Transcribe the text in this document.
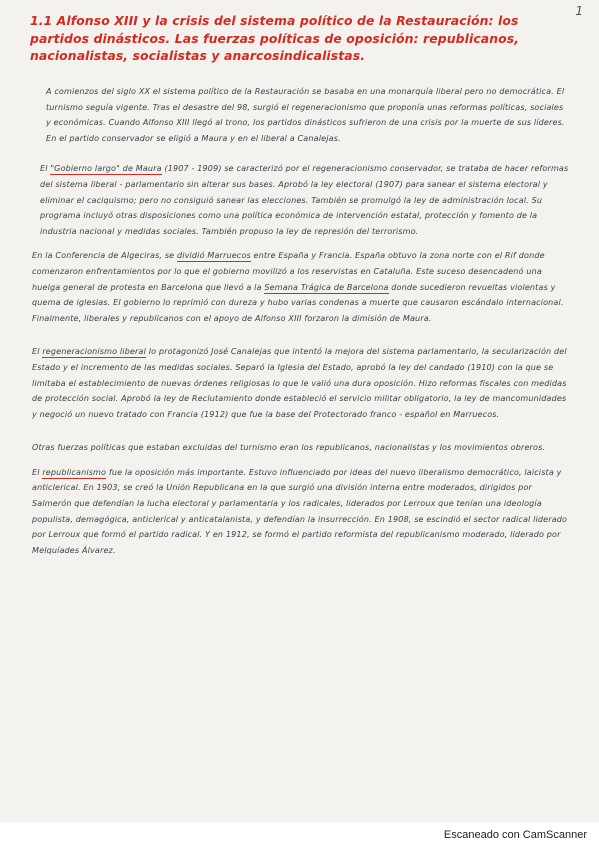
1
1.1 Alfonso XIII y la crisis del sistema político de la Restauración: los partidos dinásticos. Las fuerzas políticas de oposición: republicanos, nacionalistas, socialistas y anarcosindicalistas.

A comienzos del siglo XX el sistema político de la Restauración se basaba en una monarquía liberal pero no democrática. El turnismo seguía vigente. Tras el desastre del 98, surgió el regeneracionismo que proponía unas reformas políticas, sociales y económicas. Cuando Alfonso XIII llegó al trono, los partidos dinásticos sufrieron de una crisis por la muerte de sus líderes. En el partido conservador se eligió a Maura y en el liberal a Canalejas.

El "Gobierno largo" de Maura (1907 - 1909) se caracterizó por el regeneracionismo conservador, se trataba de hacer reformas del sistema liberal - parlamentario sin alterar sus bases. Aprobó la ley electoral (1907) para sanear el sistema electoral y eliminar el caciquismo; pero no consiguió sanear las elecciones. También se promulgó la ley de administración local. Su programa incluyó otras disposiciones como una política económica de intervención estatal, protección y fomento de la industria nacional y medidas sociales. También propuso la ley de represión del terrorismo.

En la Conferencia de Algeciras, se dividió Marruecos entre España y Francia. España obtuvo la zona norte con el Rif donde comenzaron enfrentamientos por lo que el gobierno movilizó a los reservistas en Cataluña. Este suceso desencadenó una huelga general de protesta en Barcelona que llevó a la Semana Trágica de Barcelona donde sucedieron revueltas violentas y quema de iglesias. El gobierno lo reprimió con dureza y hubo varias condenas a muerte que causaron escándalo internacional. Finalmente, liberales y republicanos con el apoyo de Alfonso XIII forzaron la dimisión de Maura.

El regeneracionismo liberal lo protagonizó José Canalejas que intentó la mejora del sistema parlamentario, la secularización del Estado y el incremento de las medidas sociales. Separó la Iglesia del Estado, aprobó la ley del candado (1910) con la que se limitaba el establecimiento de nuevas órdenes religiosas lo que le valió una dura oposición. Hizo reformas fiscales con medidas de protección social. Aprobó la ley de Reclutamiento donde estableció el servicio militar obligatorio, la ley de mancomunidades y negoció un nuevo tratado con Francia (1912) que fue la base del Protectorado franco - español en Marruecos.

Otras fuerzas políticas que estaban excluidas del turnismo eran los republicanos, nacionalistas y los movimientos obreros.

El republicanismo fue la oposición más importante. Estuvo influenciado por ideas del nuevo liberalismo democrático, laicista y anticlerical. En 1903, se creó la Unión Republicana en la que surgió una división interna entre moderados, dirigidos por Salmerón que defendían la lucha electoral y parlamentaria y los radicales, liderados por Lerroux que tenían una ideología populista, demagógica, anticlerical y anticatalanista, y defendían la insurrección. En 1908, se escindió el sector radical liderado por Lerroux que formó el partido radical. Y en 1912, se formó el partido reformista del republicanismo moderado, liderado por Melquíades Álvarez.

Escaneado con CamScanner
